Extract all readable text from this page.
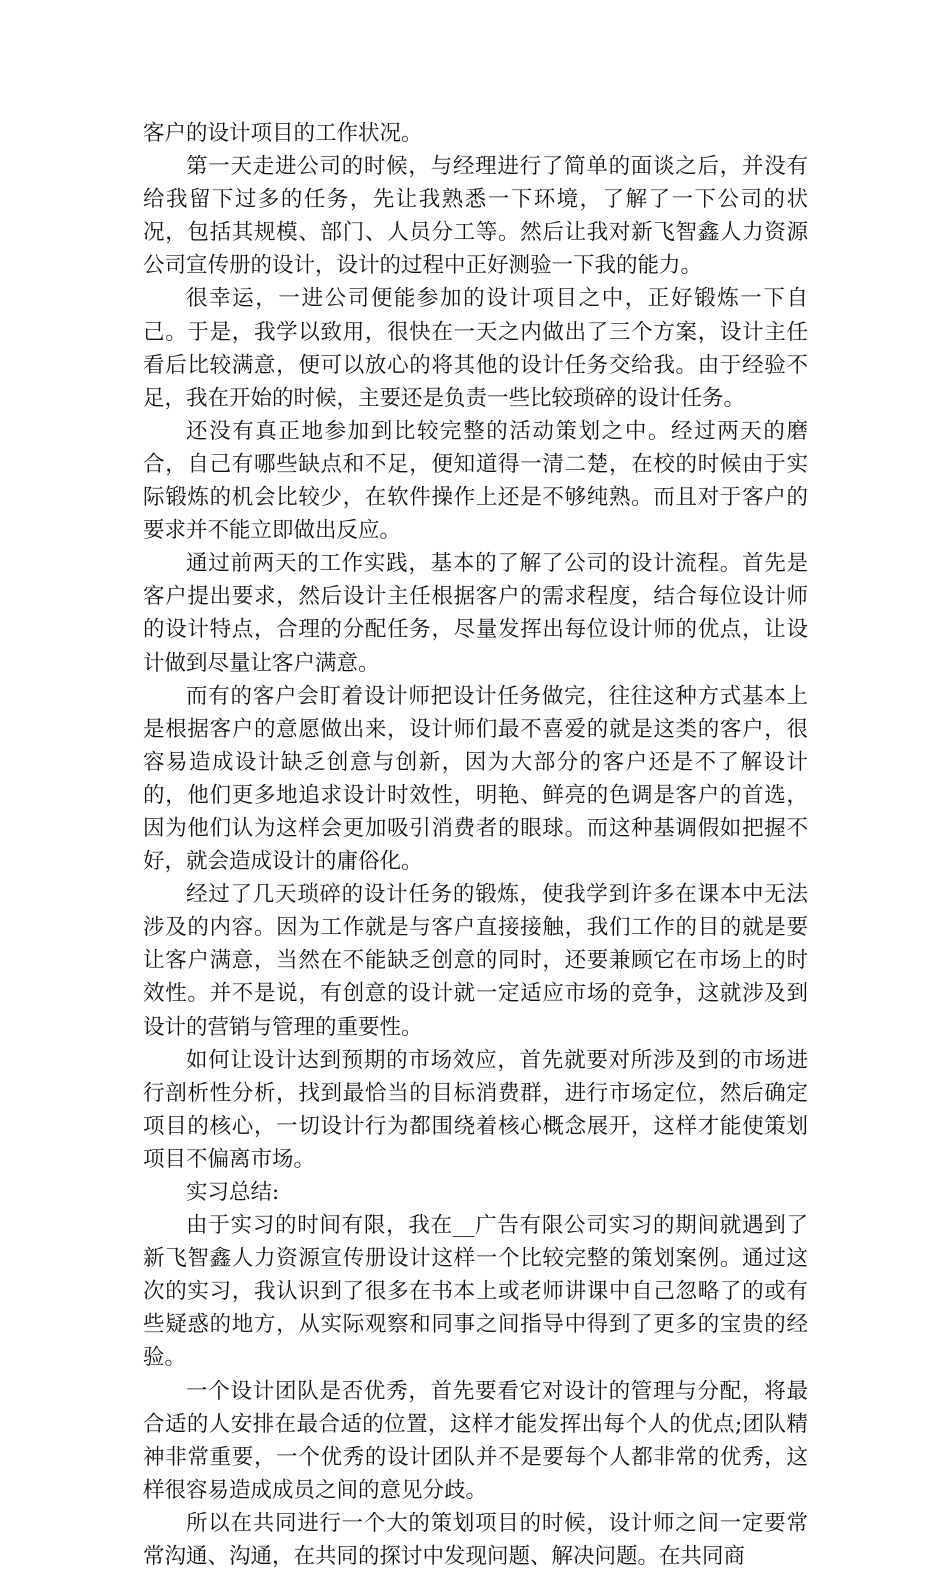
客户的设计项目的工作状况。

第一天走进公司的时候，与经理进行了简单的面谈之后，并没有给我留下过多的任务，先让我熟悉一下环境，了解了一下公司的状况，包括其规模、部门、人员分工等。然后让我对新飞智鑫人力资源公司宣传册的设计，设计的过程中正好测验一下我的能力。

很幸运，一进公司便能参加的设计项目之中，正好锻炼一下自己。于是，我学以致用，很快在一天之内做出了三个方案，设计主任看后比较满意，便可以放心的将其他的设计任务交给我。由于经验不足，我在开始的时候，主要还是负责一些比较琐碎的设计任务。

还没有真正地参加到比较完整的活动策划之中。经过两天的磨合，自己有哪些缺点和不足，便知道得一清二楚，在校的时候由于实际锻炼的机会比较少，在软件操作上还是不够纯熟。而且对于客户的要求并不能立即做出反应。

通过前两天的工作实践，基本的了解了公司的设计流程。首先是客户提出要求，然后设计主任根据客户的需求程度，结合每位设计师的设计特点，合理的分配任务，尽量发挥出每位设计师的优点，让设计做到尽量让客户满意。

而有的客户会盯着设计师把设计任务做完，往往这种方式基本上是根据客户的意愿做出来，设计师们最不喜爱的就是这类的客户，很容易造成设计缺乏创意与创新，因为大部分的客户还是不了解设计的，他们更多地追求设计时效性，明艳、鲜亮的色调是客户的首选，因为他们认为这样会更加吸引消费者的眼球。而这种基调假如把握不好，就会造成设计的庸俗化。

经过了几天琐碎的设计任务的锻炼，使我学到许多在课本中无法涉及的内容。因为工作就是与客户直接接触，我们工作的目的就是要让客户满意，当然在不能缺乏创意的同时，还要兼顾它在市场上的时效性。并不是说，有创意的设计就一定适应市场的竞争，这就涉及到设计的营销与管理的重要性。

如何让设计达到预期的市场效应，首先就要对所涉及到的市场进行剖析性分析，找到最恰当的目标消费群，进行市场定位，然后确定项目的核心，一切设计行为都围绕着核心概念展开，这样才能使策划项目不偏离市场。

实习总结:

由于实习的时间有限，我在__广告有限公司实习的期间就遇到了新飞智鑫人力资源宣传册设计这样一个比较完整的策划案例。通过这次的实习，我认识到了很多在书本上或老师讲课中自己忽略了的或有些疑惑的地方，从实际观察和同事之间指导中得到了更多的宝贵的经验。

一个设计团队是否优秀，首先要看它对设计的管理与分配，将最合适的人安排在最合适的位置，这样才能发挥出每个人的优点;团队精神非常重要，一个优秀的设计团队并不是要每个人都非常的优秀，这样很容易造成成员之间的意见分歧。

所以在共同进行一个大的策划项目的时候，设计师之间一定要常常沟通、沟通，在共同的探讨中发现问题、解决问题。在共同商
